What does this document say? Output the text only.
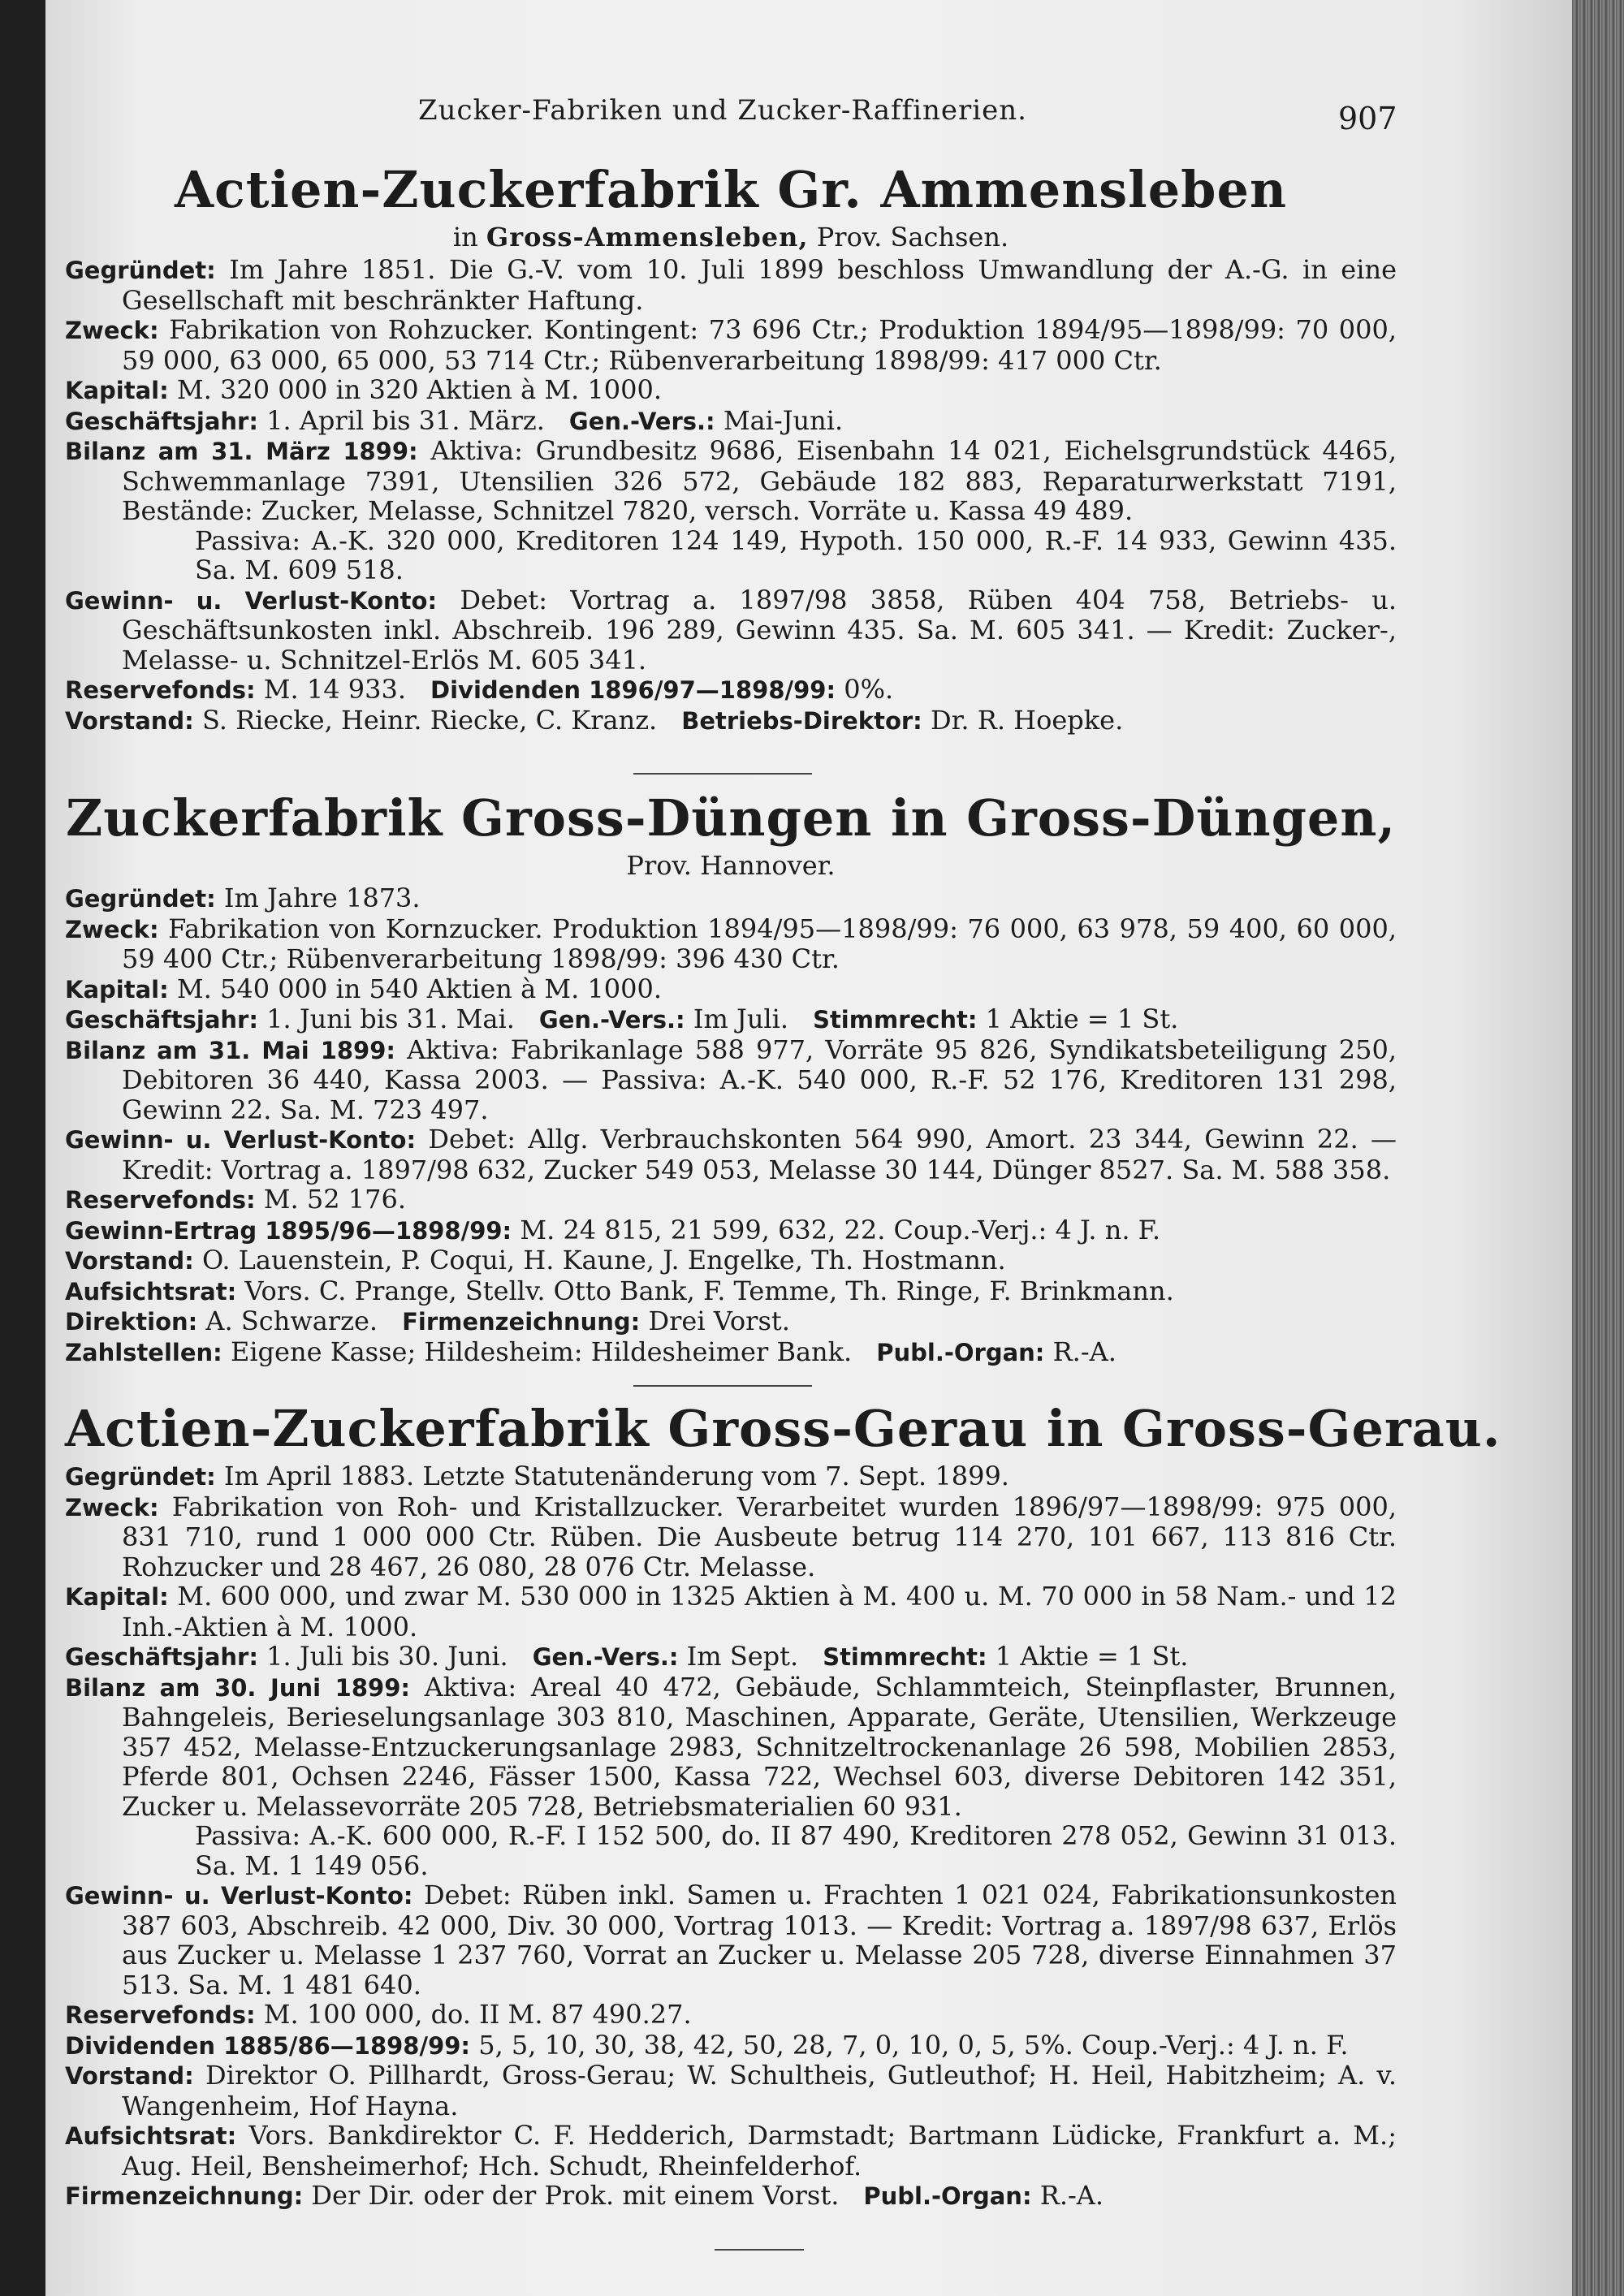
Zucker-Fabriken und Zucker-Raffinerien.	907
Actien-Zuckerfabrik Gr. Ammensleben

in Gross-Ammensleben, Prov. Sachsen.

Gegründet: Im Jahre 1851. Die G.-V. vom 10. Juli 1899 beschloss Umwandlung der A.-G. in eine Gesellschaft mit beschränkter Haftung.

Zweck: Fabrikation von Rohzucker. Kontingent: 73 696 Ctr.; Produktion 1894/95—1898/99: 70 000, 59 000, 63 000, 65 000, 53 714 Ctr.; Rübenverarbeitung 1898/99: 417 000 Ctr.

Kapital: M. 320 000 in 320 Aktien à M. 1000.

Geschäftsjahr: 1. April bis 31. März. Gen.-Vers.: Mai-Juni.

Bilanz am 31. März 1899: Aktiva: Grundbesitz 9686, Eisenbahn 14 021, Eichelsgrundstück 4465, Schwemmanlage 7391, Utensilien 326 572, Gebäude 182 883, Reparaturwerkstatt 7191, Bestände: Zucker, Melasse, Schnitzel 7820, versch. Vorräte u. Kassa 49 489.
Passiva: A.-K. 320 000, Kreditoren 124 149, Hypoth. 150 000, R.-F. 14 933, Gewinn 435. Sa. M. 609 518.

Gewinn- u. Verlust-Konto: Debet: Vortrag a. 1897/98 3858, Rüben 404 758, Betriebs- u. Geschäftsunkosten inkl. Abschreib. 196 289, Gewinn 435. Sa. M. 605 341. — Kredit: Zucker-, Melasse- u. Schnitzel-Erlös M. 605 341.

Reservefonds: M. 14 933. Dividenden 1896/97—1898/99: 0%.

Vorstand: S. Riecke, Heinr. Riecke, C. Kranz. Betriebs-Direktor: Dr. R. Hoepke.

Zuckerfabrik Gross-Düngen in Gross-Düngen,

Prov. Hannover.

Gegründet: Im Jahre 1873.

Zweck: Fabrikation von Kornzucker. Produktion 1894/95—1898/99: 76 000, 63 978, 59 400, 60 000, 59 400 Ctr.; Rübenverarbeitung 1898/99: 396 430 Ctr.

Kapital: M. 540 000 in 540 Aktien à M. 1000.

Geschäftsjahr: 1. Juni bis 31. Mai. Gen.-Vers.: Im Juli. Stimmrecht: 1 Aktie = 1 St.

Bilanz am 31. Mai 1899: Aktiva: Fabrikanlage 588 977, Vorräte 95 826, Syndikatsbeteiligung 250, Debitoren 36 440, Kassa 2003. — Passiva: A.-K. 540 000, R.-F. 52 176, Kreditoren 131 298, Gewinn 22. Sa. M. 723 497.

Gewinn- u. Verlust-Konto: Debet: Allg. Verbrauchskonten 564 990, Amort. 23 344, Gewinn 22. — Kredit: Vortrag a. 1897/98 632, Zucker 549 053, Melasse 30 144, Dünger 8527. Sa. M. 588 358.

Reservefonds: M. 52 176.

Gewinn-Ertrag 1895/96—1898/99: M. 24 815, 21 599, 632, 22. Coup.-Verj.: 4 J. n. F.

Vorstand: O. Lauenstein, P. Coqui, H. Kaune, J. Engelke, Th. Hostmann.

Aufsichtsrat: Vors. C. Prange, Stellv. Otto Bank, F. Temme, Th. Ringe, F. Brinkmann.

Direktion: A. Schwarze. Firmenzeichnung: Drei Vorst.

Zahlstellen: Eigene Kasse; Hildesheim: Hildesheimer Bank. Publ.-Organ: R.-A.

Actien-Zuckerfabrik Gross-Gerau in Gross-Gerau.

Gegründet: Im April 1883. Letzte Statutenänderung vom 7. Sept. 1899.

Zweck: Fabrikation von Roh- und Kristallzucker. Verarbeitet wurden 1896/97—1898/99: 975 000, 831 710, rund 1 000 000 Ctr. Rüben. Die Ausbeute betrug 114 270, 101 667, 113 816 Ctr. Rohzucker und 28 467, 26 080, 28 076 Ctr. Melasse.

Kapital: M. 600 000, und zwar M. 530 000 in 1325 Aktien à M. 400 u. M. 70 000 in 58 Nam.- und 12 Inh.-Aktien à M. 1000.

Geschäftsjahr: 1. Juli bis 30. Juni. Gen.-Vers.: Im Sept. Stimmrecht: 1 Aktie = 1 St.

Bilanz am 30. Juni 1899: Aktiva: Areal 40 472, Gebäude, Schlammteich, Steinpflaster, Brunnen, Bahngeleis, Berieselungsanlage 303 810, Maschinen, Apparate, Geräte, Utensilien, Werkzeuge 357 452, Melasse-Entzuckerungsanlage 2983, Schnitzeltrockenanlage 26 598, Mobilien 2853, Pferde 801, Ochsen 2246, Fässer 1500, Kassa 722, Wechsel 603, diverse Debitoren 142 351, Zucker u. Melassevorräte 205 728, Betriebsmaterialien 60 931.
Passiva: A.-K. 600 000, R.-F. I 152 500, do. II 87 490, Kreditoren 278 052, Gewinn 31 013. Sa. M. 1 149 056.

Gewinn- u. Verlust-Konto: Debet: Rüben inkl. Samen u. Frachten 1 021 024, Fabrikationsunkosten 387 603, Abschreib. 42 000, Div. 30 000, Vortrag 1013. — Kredit: Vortrag a. 1897/98 637, Erlös aus Zucker u. Melasse 1 237 760, Vorrat an Zucker u. Melasse 205 728, diverse Einnahmen 37 513. Sa. M. 1 481 640.

Reservefonds: M. 100 000, do. II M. 87 490.27.

Dividenden 1885/86—1898/99: 5, 5, 10, 30, 38, 42, 50, 28, 7, 0, 10, 0, 5, 5%. Coup.-Verj.: 4 J. n. F.

Vorstand: Direktor O. Pillhardt, Gross-Gerau; W. Schultheis, Gutleuthof; H. Heil, Habitzheim; A. v. Wangenheim, Hof Hayna.

Aufsichtsrat: Vors. Bankdirektor C. F. Hedderich, Darmstadt; Bartmann Lüdicke, Frankfurt a. M.; Aug. Heil, Bensheimerhof; Hch. Schudt, Rheinfelderhof.

Firmenzeichnung: Der Dir. oder der Prok. mit einem Vorst. Publ.-Organ: R.-A.
